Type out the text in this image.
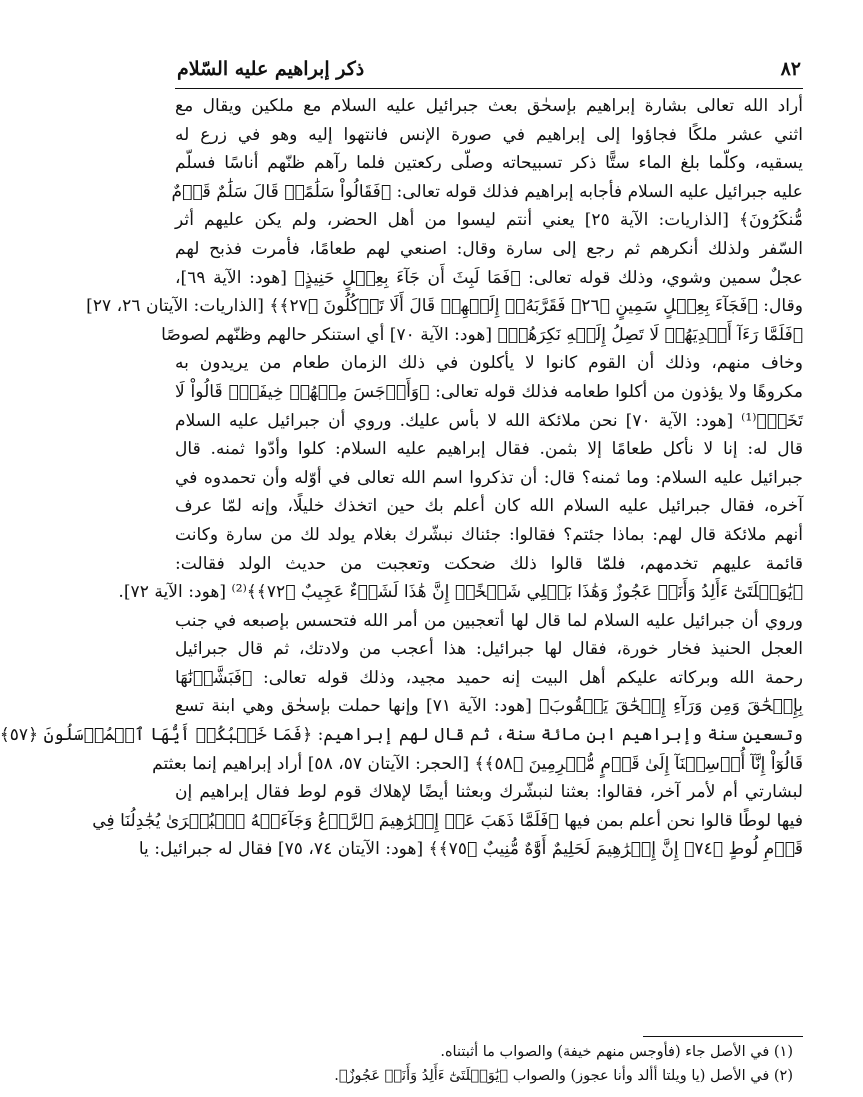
٨٢
ذكر إبراهيم عليه السّلام
أراد الله تعالى بشارة إبراهيم بإسحٰق بعث جبرائيل عليه السلام مع ملكين ويقال مع
اثني عشر ملكًا فجاؤوا إلى إبراهيم في صورة الإنس فانتهوا إليه وهو في زرع له
يسقيه، وكلّما بلغ الماء ستًّا ذكر تسبيحاته وصلّى ركعتين فلما رآهم ظنّهم أناسًا فسلّم
عليه جبرائيل عليه السلام فأجابه إبراهيم فذلك قوله تعالى: ﴿فَقَالُواْ سَلَٰمًاۖ قَالَ سَلَٰمٌ قَوۡمٌ
مُّنكَرُونَ﴾ [الذاريات: الآية ٢٥] يعني أنتم ليسوا من أهل الحضر، ولم يكن عليهم أثر
السّفر ولذلك أنكرهم ثم رجع إلى سارة وقال: اصنعي لهم طعامًا، فأمرت فذبح لهم
عجلٌ سمين وشوي، وذلك قوله تعالى: ﴿فَمَا لَبِثَ أَن جَآءَ بِعِجۡلٍ حَنِيذٍ﴾ [هود: الآية ٦٩]،
وقال: ﴿فَجَآءَ بِعِجۡلٍ سَمِينٍ ﴿٢٦﴾ فَقَرَّبَهُۥٓ إِلَيۡهِمۡ قَالَ أَلَا تَأۡكُلُونَ ﴿٢٧﴾﴾ [الذاريات: الآيتان ٢٦، ٢٧]
﴿فَلَمَّا رَءَآ أَيۡدِيَهُمۡ لَا تَصِلُ إِلَيۡهِ نَكِرَهُمۡ﴾ [هود: الآية ٧٠] أي استنكر حالهم وظنّهم لصوصًا
وخاف منهم، وذلك أن القوم كانوا لا يأكلون في ذلك الزمان طعام من يريدون به
مكروهًا ولا يؤذون من أكلوا طعامه فذلك قوله تعالى: ﴿وَأَوۡجَسَ مِنۡهُمۡ خِيفَةًۚ قَالُواْ لَا
تَخَفۡ﴾⁽¹⁾ [هود: الآية ٧٠] نحن ملائكة الله لا بأس عليك. وروي أن جبرائيل عليه السلام
قال له: إنا لا نأكل طعامًا إلا بثمن. فقال إبراهيم عليه السلام: كلوا وأدّوا ثمنه. قال
جبرائيل عليه السلام: وما ثمنه؟ قال: أن تذكروا اسم الله تعالى في أوّله وأن تحمدوه في
آخره، فقال جبرائيل عليه السلام الله كان أعلم بك حين اتخذك خليلًا، وإنه لمّا عرف
أنهم ملائكة قال لهم: بماذا جئتم؟ فقالوا: جئناك نبشّرك بغلام يولد لك من سارة وكانت
قائمة عليهم تخدمهم، فلمّا قالوا ذلك ضحكت وتعجبت من حديث الولد فقالت:
﴿يَٰوَيۡلَتَىٰٓ ءَأَلِدُ وَأَنَا۠ عَجُوزٌ وَهَٰذَا بَعۡلِي شَيۡخًاۖ إِنَّ هَٰذَا لَشَيۡءٌ عَجِيبٌ ﴿٧٢﴾﴾⁽²⁾ [هود: الآية ٧٢].
وروي أن جبرائيل عليه السلام لما قال لها أتعجبين من أمر الله فتحسس بإصبعه في جنب
العجل الحنيذ فخار خورة، فقال لها جبرائيل: هذا أعجب من ولادتك، ثم قال جبرائيل
رحمة الله وبركاته عليكم أهل البيت إنه حميد مجيد، وذلك قوله تعالى: ﴿فَبَشَّرۡنَٰهَا
بِإِسۡحَٰقَ وَمِن وَرَآءِ إِسۡحَٰقَ يَعۡقُوبَ﴾ [هود: الآية ٧١] وإنها حملت بإسحٰق وهي ابنة تسع
وتسعين سنة وإبراهيم ابن مائة سنة، ثم قال لهم إبراهيم: ﴿فَمَا خَطۡبُكُمۡ أَيُّهَا ٱلۡمُرۡسَلُونَ ﴿٥٧﴾
قَالُوٓاْ إِنَّآ أُرۡسِلۡنَآ إِلَىٰ قَوۡمٍ مُّجۡرِمِينَ ﴿٥٨﴾﴾ [الحجر: الآيتان ٥٧، ٥٨] أراد إبراهيم إنما بعثتم
لبشارتي أم لأمر آخر، فقالوا: بعثنا لنبشّرك وبعثنا أيضًا لإهلاك قوم لوط فقال إبراهيم إن
فيها لوطًا قالوا نحن أعلم بمن فيها ﴿فَلَمَّا ذَهَبَ عَنۡ إِبۡرَٰهِيمَ ٱلرَّوۡعُ وَجَآءَتۡهُ ٱلۡبُشۡرَىٰ يُجَٰدِلُنَا فِي
قَوۡمِ لُوطٍ ﴿٧٤﴾ إِنَّ إِبۡرَٰهِيمَ لَحَلِيمٌ أَوَّٰهٌ مُّنِيبٌ ﴿٧٥﴾﴾ [هود: الآيتان ٧٤، ٧٥] فقال له جبرائيل: يا
(١) في الأصل جاء (فأوجس منهم خيفة) والصواب ما أثبتناه.
(٢) في الأصل (يا ويلتا أألد وأنا عجوز) والصواب ﴿يَٰوَيۡلَتَىٰٓ ءَأَلِدُ وَأَنَا۠ عَجُوزٌ﴾.
